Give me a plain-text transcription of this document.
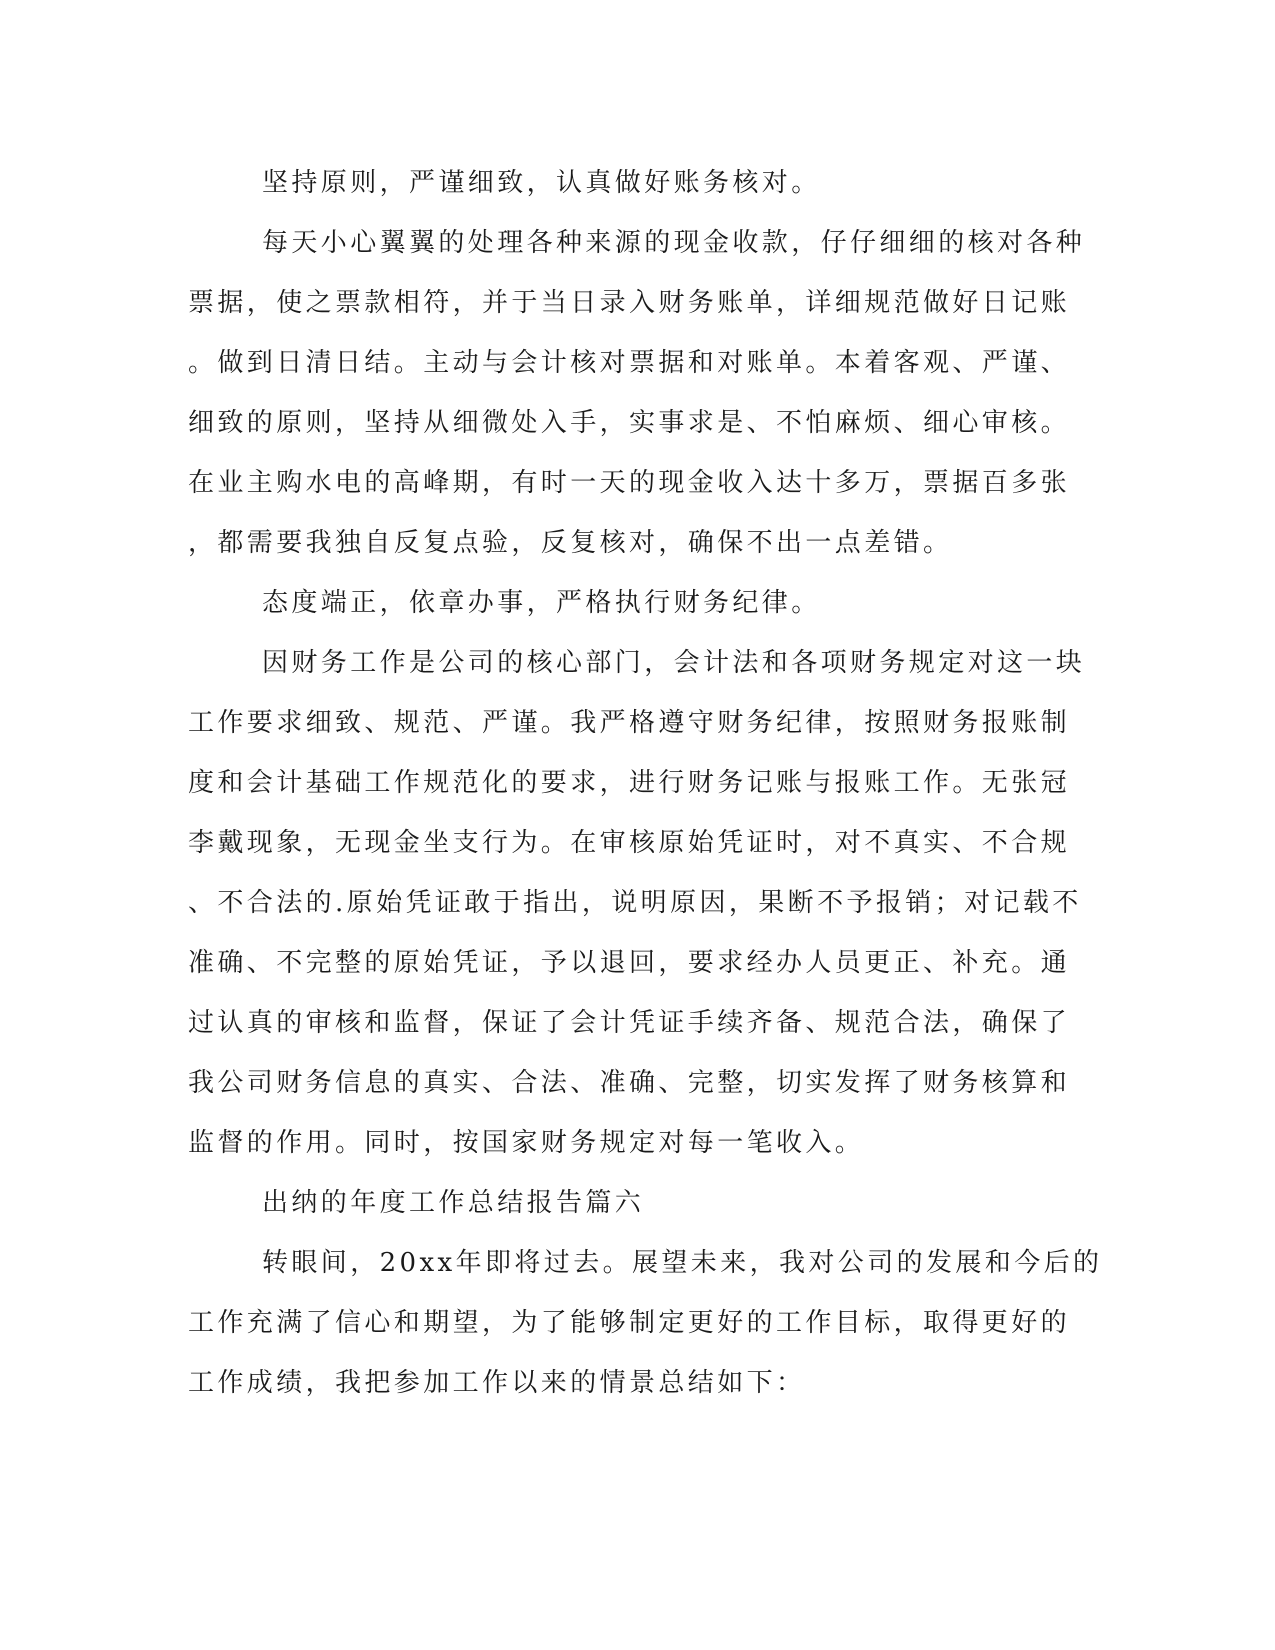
坚持原则，严谨细致，认真做好账务核对。
每天小心翼翼的处理各种来源的现金收款，仔仔细细的核对各种
票据，使之票款相符，并于当日录入财务账单，详细规范做好日记账
。做到日清日结。主动与会计核对票据和对账单。本着客观、严谨、
细致的原则，坚持从细微处入手，实事求是、不怕麻烦、细心审核。
在业主购水电的高峰期，有时一天的现金收入达十多万，票据百多张
，都需要我独自反复点验，反复核对，确保不出一点差错。
态度端正，依章办事，严格执行财务纪律。
因财务工作是公司的核心部门，会计法和各项财务规定对这一块
工作要求细致、规范、严谨。我严格遵守财务纪律，按照财务报账制
度和会计基础工作规范化的要求，进行财务记账与报账工作。无张冠
李戴现象，无现金坐支行为。在审核原始凭证时，对不真实、不合规
、不合法的.原始凭证敢于指出，说明原因，果断不予报销；对记载不
准确、不完整的原始凭证，予以退回，要求经办人员更正、补充。通
过认真的审核和监督，保证了会计凭证手续齐备、规范合法，确保了
我公司财务信息的真实、合法、准确、完整，切实发挥了财务核算和
监督的作用。同时，按国家财务规定对每一笔收入。
出纳的年度工作总结报告篇六
转眼间，20xx年即将过去。展望未来，我对公司的发展和今后的
工作充满了信心和期望，为了能够制定更好的工作目标，取得更好的
工作成绩，我把参加工作以来的情景总结如下：
